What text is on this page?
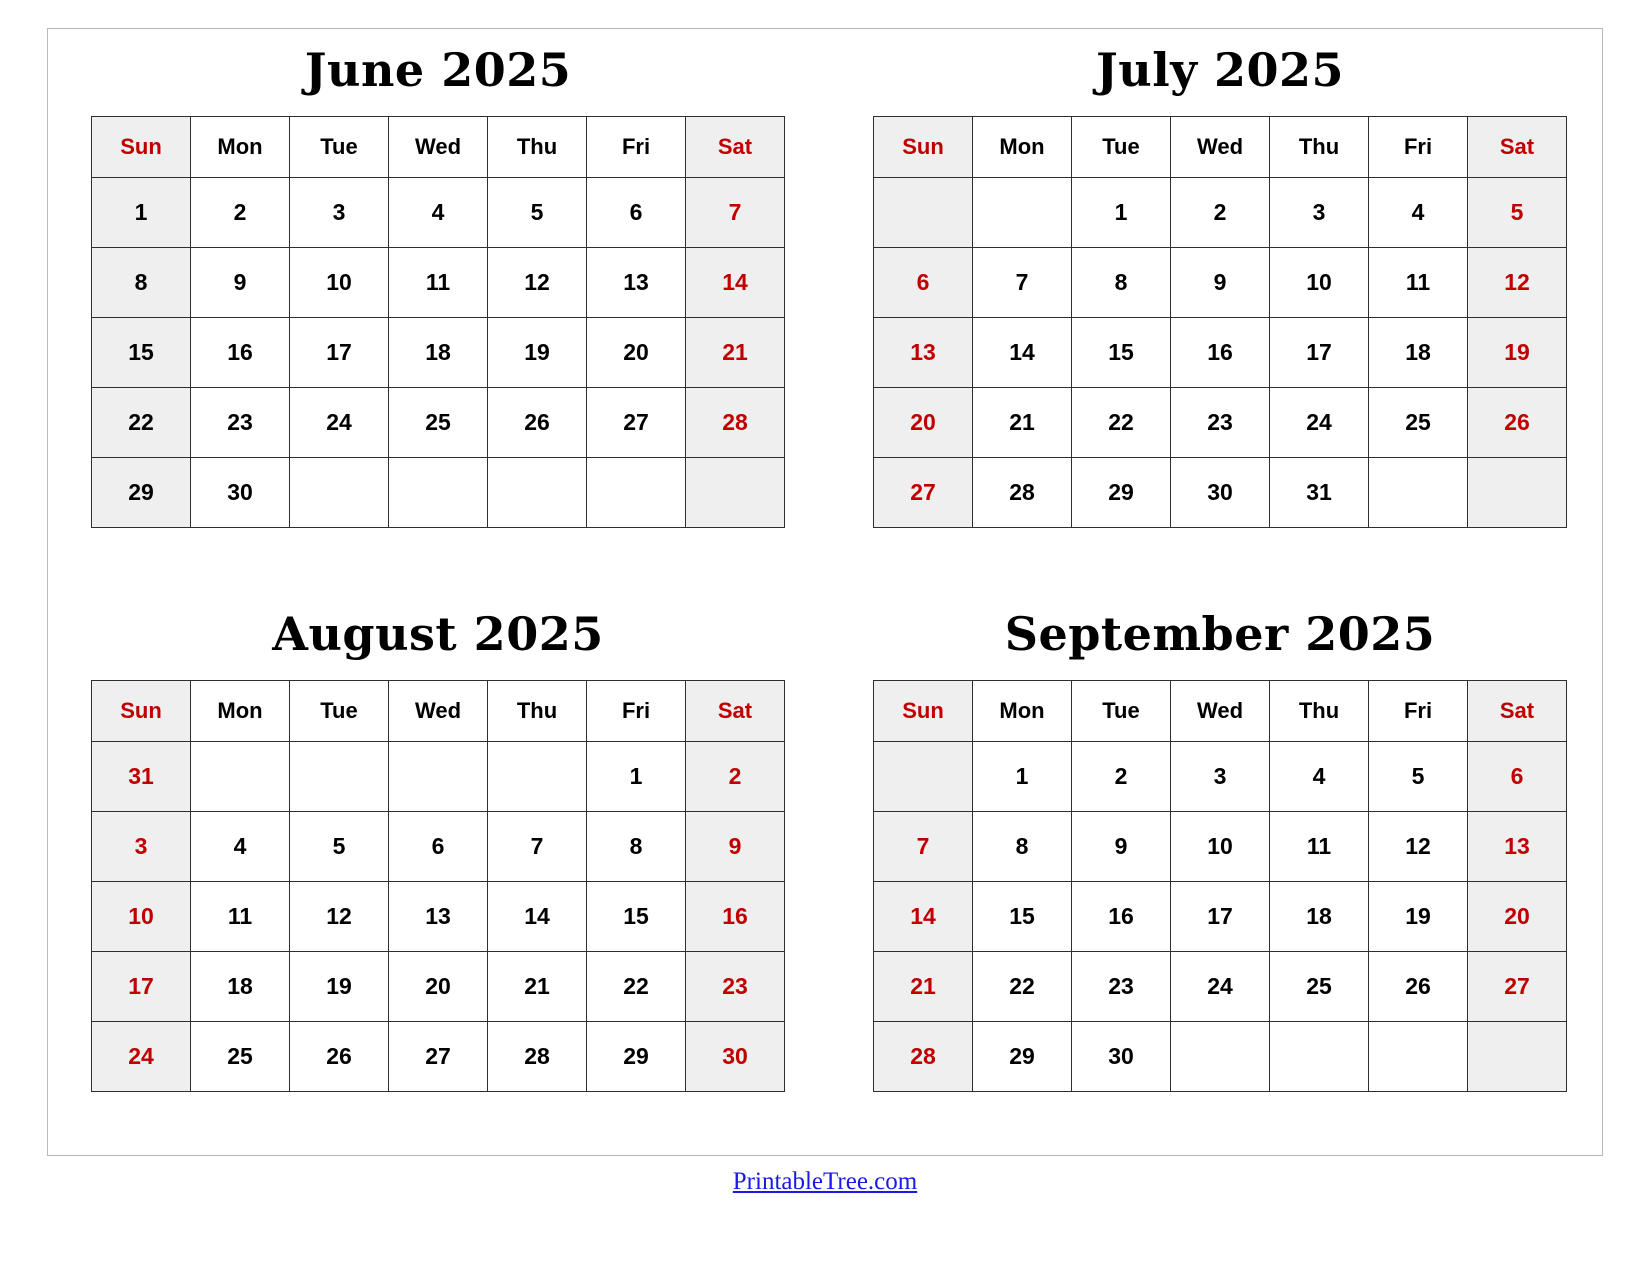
June 2025
Sun	Mon	Tue	Wed	Thu	Fri	Sat
1	2	3	4	5	6	7
8	9	10	11	12	13	14
15	16	17	18	19	20	21
22	23	24	25	26	27	28
29	30					
July 2025
Sun	Mon	Tue	Wed	Thu	Fri	Sat
		1	2	3	4	5
6	7	8	9	10	11	12
13	14	15	16	17	18	19
20	21	22	23	24	25	26
27	28	29	30	31		
August 2025
Sun	Mon	Tue	Wed	Thu	Fri	Sat
31					1	2
3	4	5	6	7	8	9
10	11	12	13	14	15	16
17	18	19	20	21	22	23
24	25	26	27	28	29	30
September 2025
Sun	Mon	Tue	Wed	Thu	Fri	Sat
	1	2	3	4	5	6
7	8	9	10	11	12	13
14	15	16	17	18	19	20
21	22	23	24	25	26	27
28	29	30				
PrintableTree.com
